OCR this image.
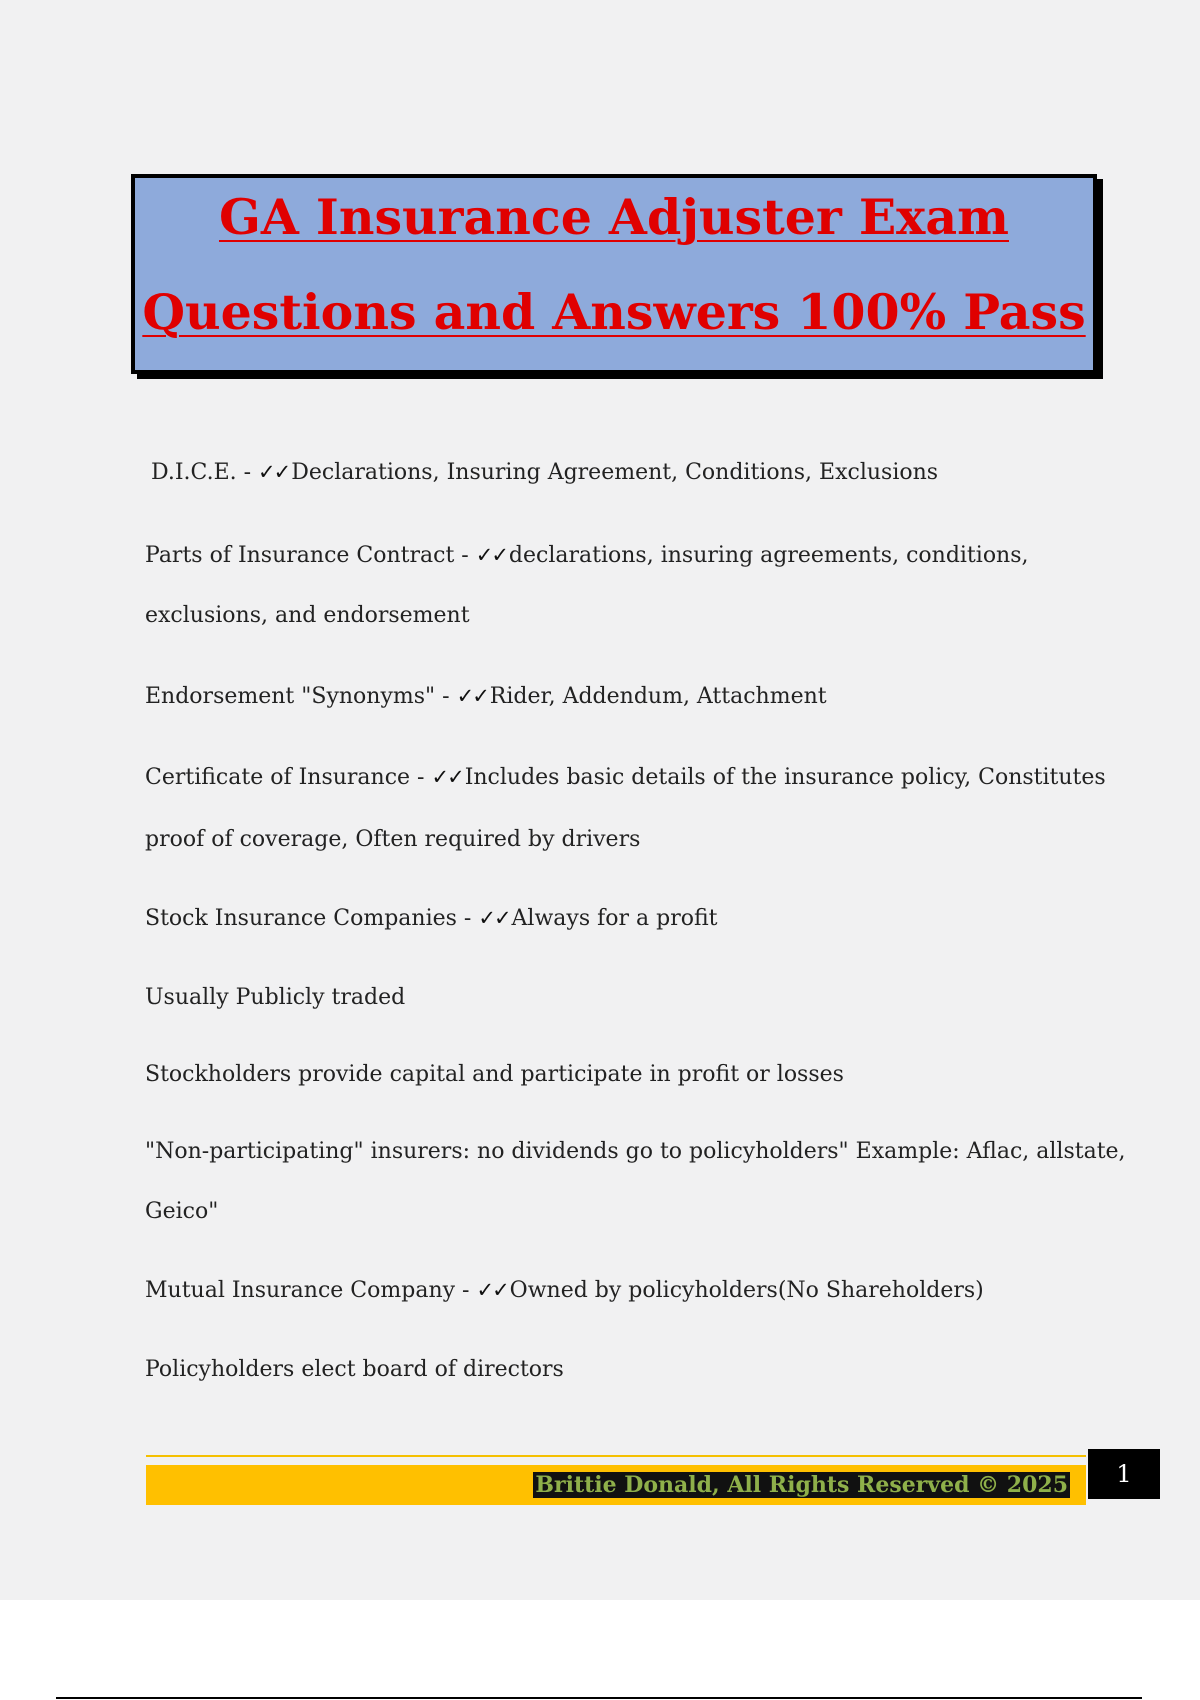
GA Insurance Adjuster Exam
Questions and Answers 100% Pass

D.I.C.E. - ✓✓Declarations, Insuring Agreement, Conditions, Exclusions

Parts of Insurance Contract - ✓✓declarations, insuring agreements, conditions,

exclusions, and endorsement

Endorsement "Synonyms" - ✓✓Rider, Addendum, Attachment

Certificate of Insurance - ✓✓Includes basic details of the insurance policy, Constitutes

proof of coverage, Often required by drivers

Stock Insurance Companies - ✓✓Always for a profit

Usually Publicly traded

Stockholders provide capital and participate in profit or losses

"Non-participating" insurers: no dividends go to policyholders" Example: Aflac, allstate,

Geico"

Mutual Insurance Company - ✓✓Owned by policyholders(No Shareholders)

Policyholders elect board of directors

Brittie Donald, All Rights Reserved © 2025	1
